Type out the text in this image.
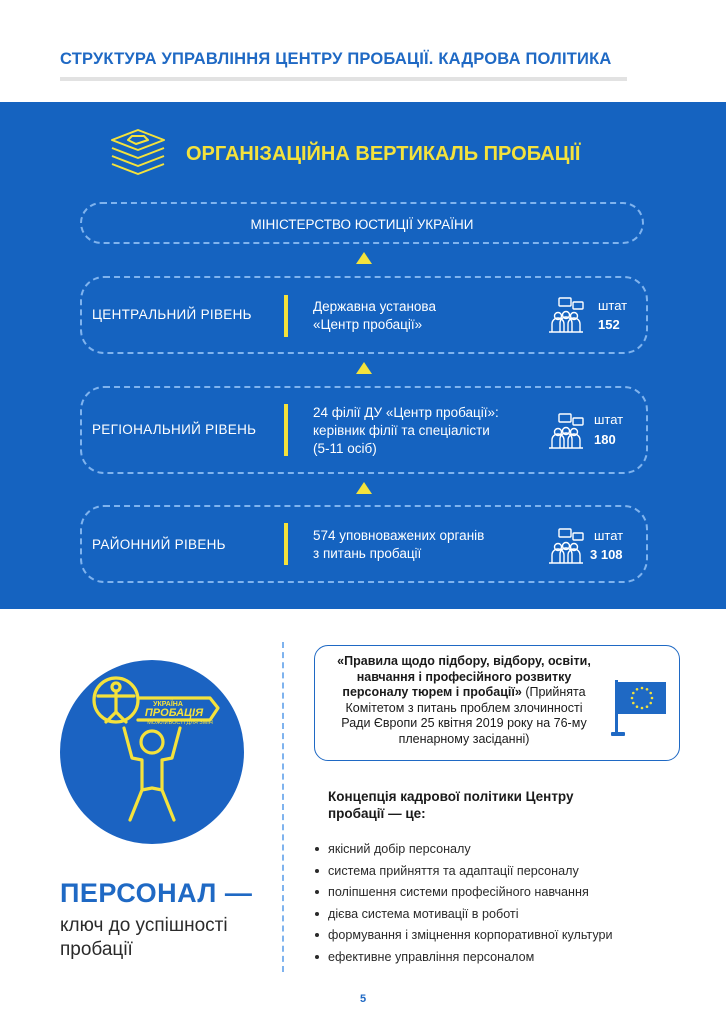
СТРУКТУРА УПРАВЛІННЯ ЦЕНТРУ ПРОБАЦІЇ. КАДРОВА ПОЛІТИКА
ОРГАНІЗАЦІЙНА ВЕРТИКАЛЬ ПРОБАЦІЇ
МІНІСТЕРСТВО ЮСТИЦІЇ УКРАЇНИ
ЦЕНТРАЛЬНИЙ РІВЕНЬ
Державна установа
«Центр пробації»
штат
152
РЕГІОНАЛЬНИЙ РІВЕНЬ
24 філії ДУ «Центр пробації»:
керівник філії та спеціалісти
(5-11 осіб)
штат
180
РАЙОННИЙ РІВЕНЬ
574 уповноважених органів
з питань пробації
штат
3 108
УКРАЇНА
ПРОБАЦІЯ
МОЖЛИВОСТІ ДЛЯ ЗМІН
ПЕРСОНАЛ —
ключ до успішності
пробації
«Правила щодо підбору, відбору, освіти,
навчання і професійного розвитку
персоналу тюрем і пробації» (Прийнята
Комітетом з питань проблем злочинності
Ради Європи 25 квітня 2019 року на 76-му
пленарному засіданні)
Концепція кадрової політики Центру
пробації — це:
якісний добір персоналу
система прийняття та адаптації персоналу
поліпшення системи професійного навчання
дієва система мотивації в роботі
формування і зміцнення корпоративної культури
ефективне управління персоналом
5
